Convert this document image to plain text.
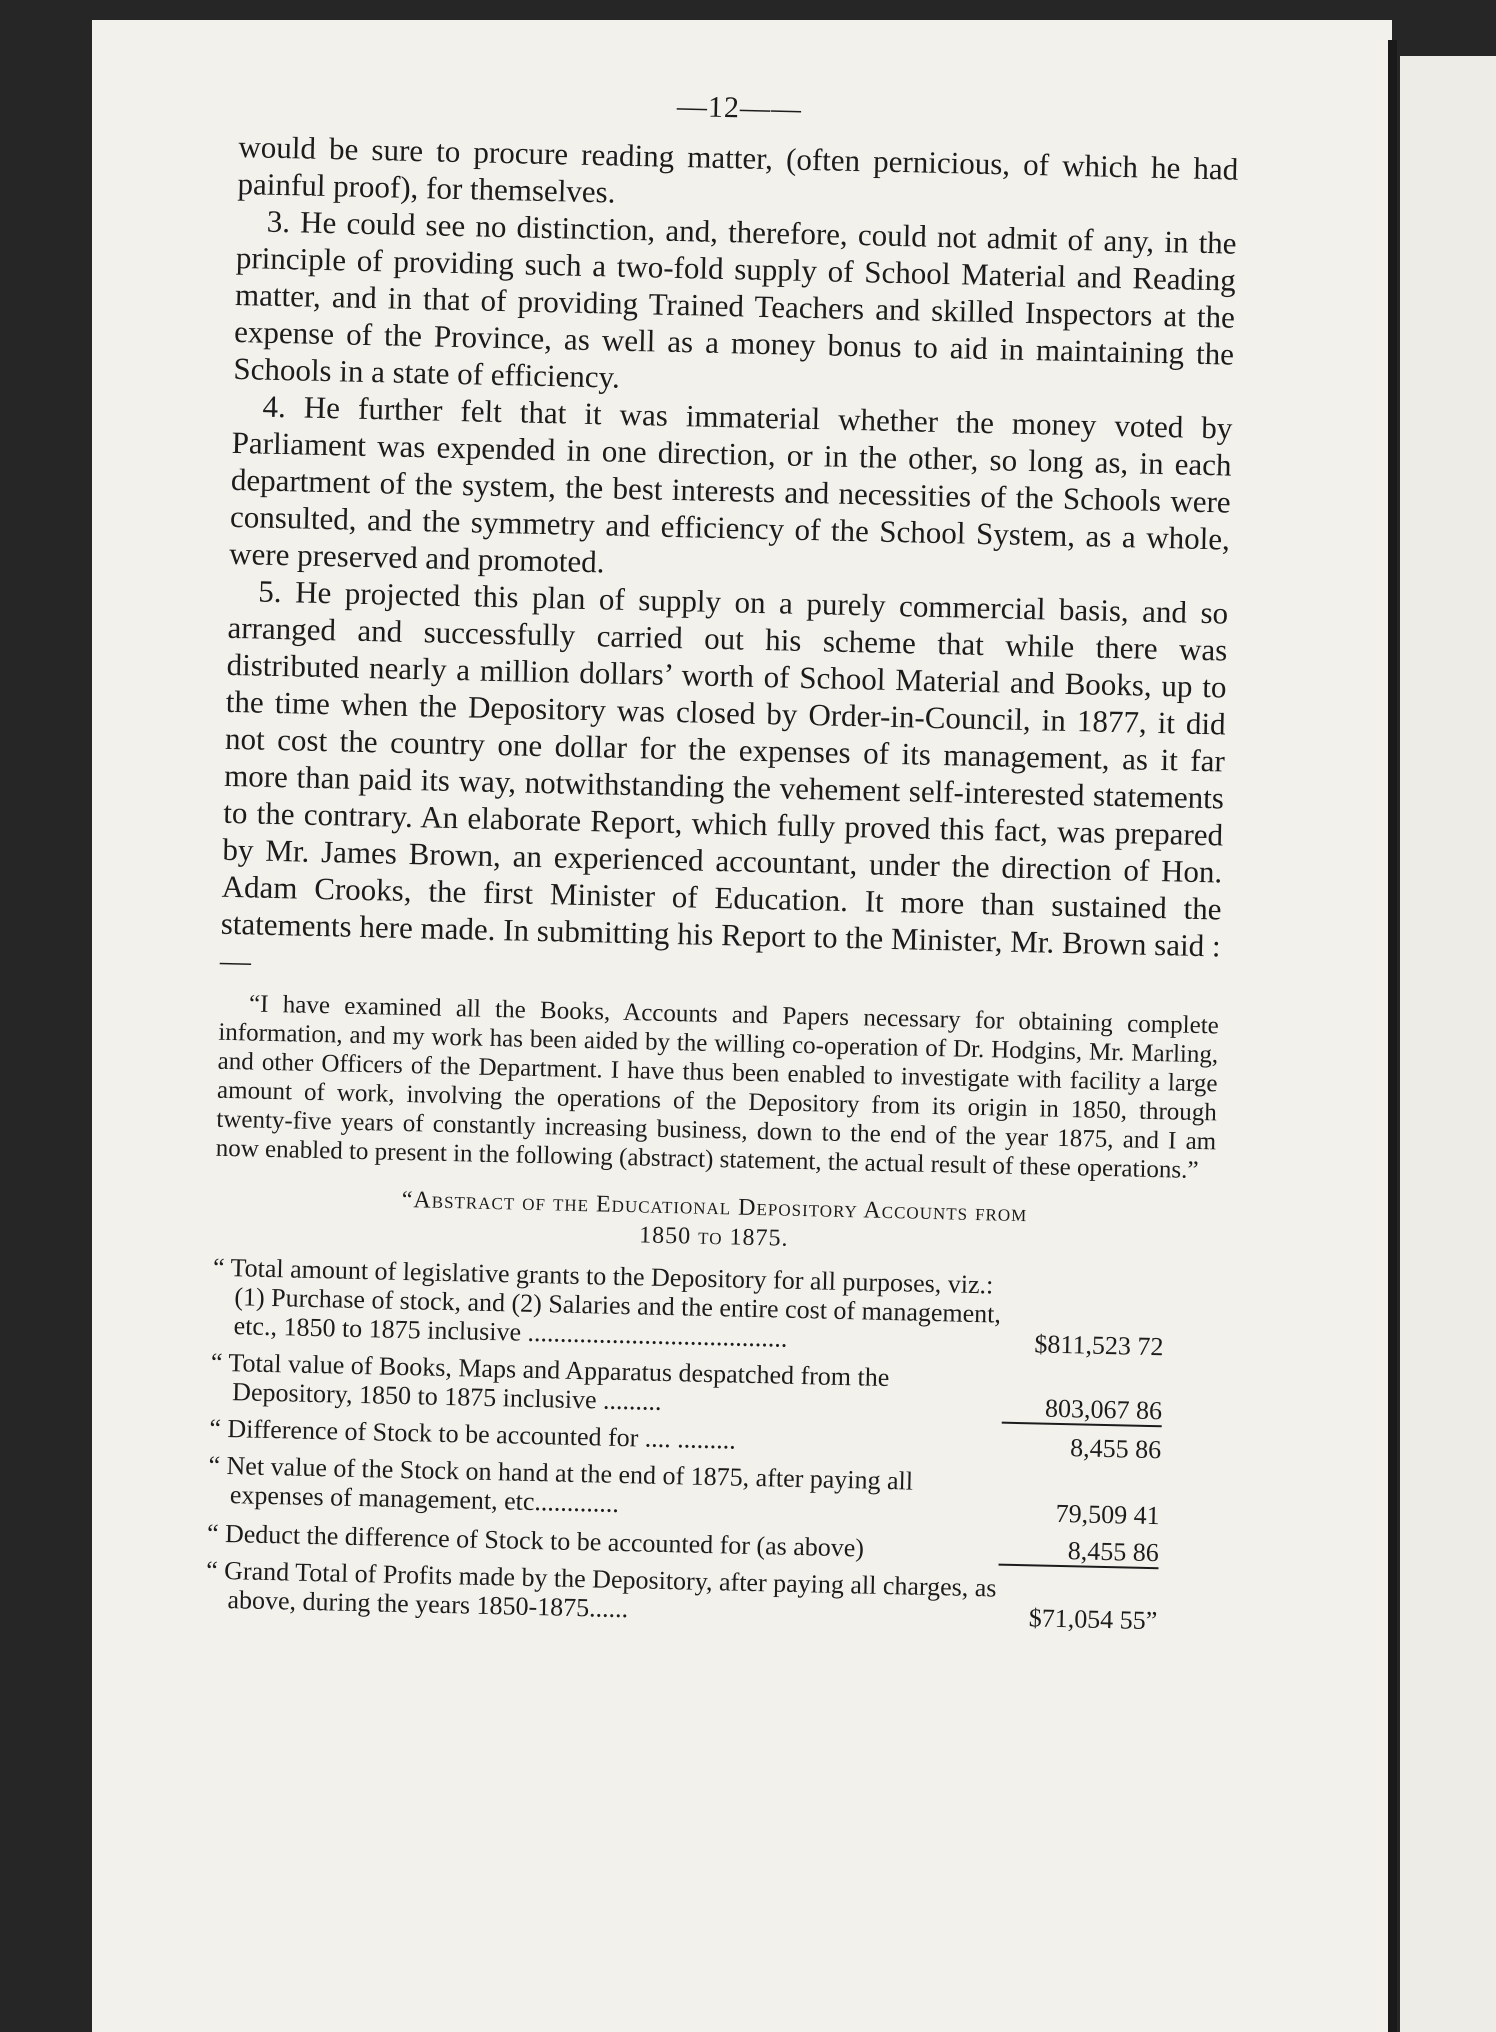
—12——

would be sure to procure reading matter, (often pernicious, of which he had painful proof), for themselves.

3. He could see no distinction, and, therefore, could not admit of any, in the principle of providing such a two-fold supply of School Material and Reading matter, and in that of providing Trained Teachers and skilled Inspectors at the expense of the Province, as well as a money bonus to aid in maintaining the Schools in a state of efficiency.

4. He further felt that it was immaterial whether the money voted by Parliament was expended in one direction, or in the other, so long as, in each department of the system, the best interests and necessities of the Schools were consulted, and the symmetry and efficiency of the School System, as a whole, were preserved and promoted.

5. He projected this plan of supply on a purely commercial basis, and so arranged and successfully carried out his scheme that while there was distributed nearly a million dollars’ worth of School Material and Books, up to the time when the Depository was closed by Order-in-Council, in 1877, it did not cost the country one dollar for the expenses of its management, as it far more than paid its way, notwithstanding the vehement self-interested statements to the contrary. An elaborate Report, which fully proved this fact, was prepared by Mr. James Brown, an experienced accountant, under the direction of Hon. Adam Crooks, the first Minister of Education. It more than sustained the statements here made. In submitting his Report to the Minister, Mr. Brown said :—

“I have examined all the Books, Accounts and Papers necessary for obtaining complete information, and my work has been aided by the willing co-operation of Dr. Hodgins, Mr. Marling, and other Officers of the Department. I have thus been enabled to investigate with facility a large amount of work, involving the operations of the Depository from its origin in 1850, through twenty-five years of constantly increasing business, down to the end of the year 1875, and I am now enabled to present in the following (abstract) statement, the actual result of these operations.”

“Abstract of the Educational Depository Accounts from
1850 to 1875.
“ Total amount of legislative grants to the Depository for all purposes, viz.: (1) Purchase of stock, and (2) Salaries and the entire cost of management, etc., 1850 to 1875 inclusive ........................................	$811,523 72
“ Total value of Books, Maps and Apparatus despatched from the Depository, 1850 to 1875 inclusive .........	803,067 86
“ Difference of Stock to be accounted for .... .........	8,455 86
“ Net value of the Stock on hand at the end of 1875, after paying all expenses of management, etc.............	79,509 41
“ Deduct the difference of Stock to be accounted for (as above)	8,455 86
“ Grand Total of Profits made by the Depository, after paying all charges, as above, during the years 1850-1875......	$71,054 55”
